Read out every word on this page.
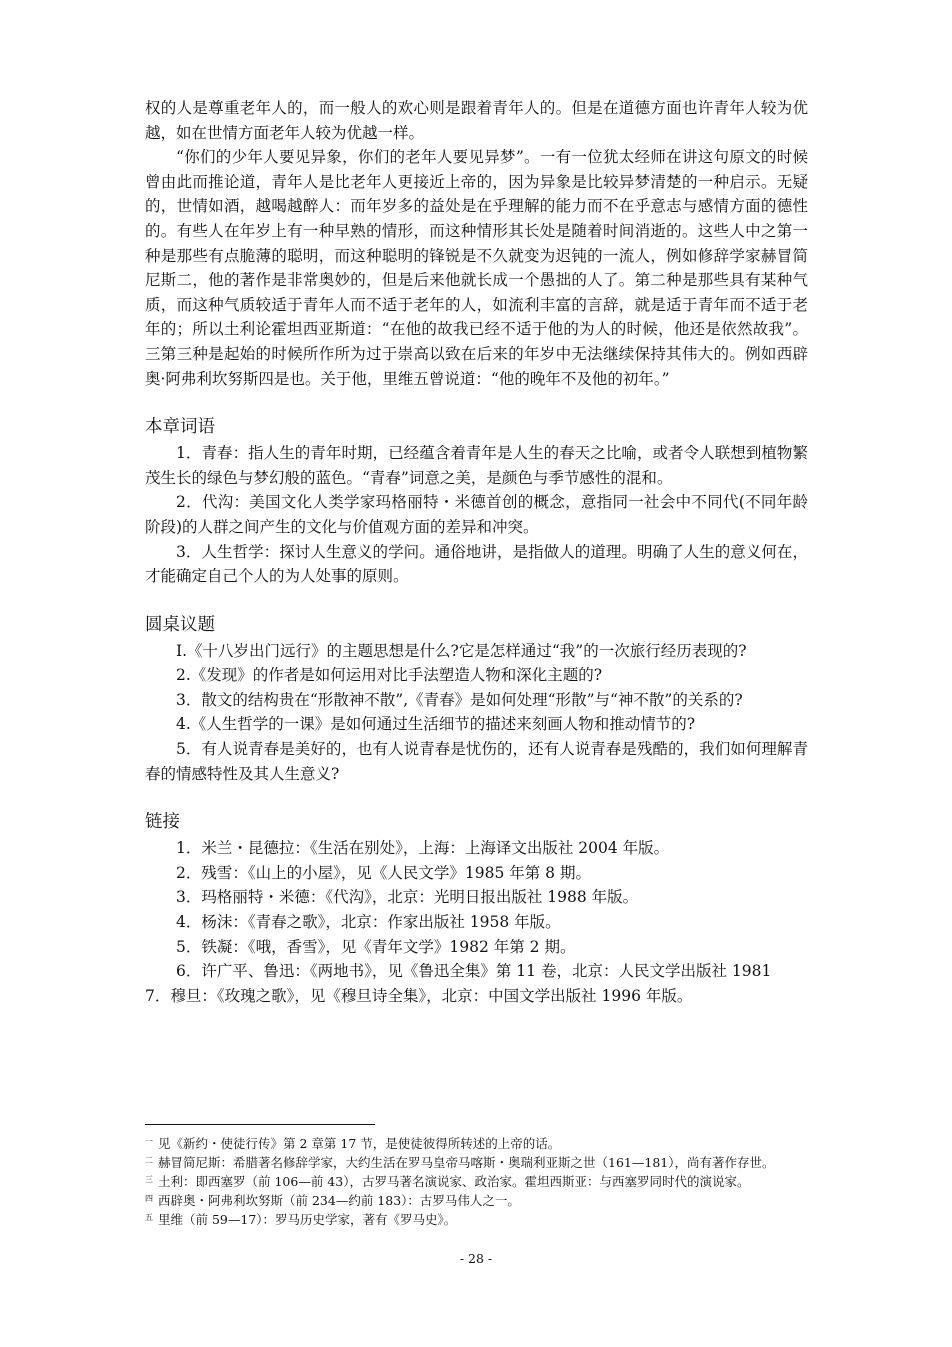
权的人是尊重老年人的，而一般人的欢心则是跟着青年人的。但是在道德方面也许青年人较为优越，如在世情方面老年人较为优越一样。

“你们的少年人要见异象，你们的老年人要见异梦”。一有一位犹太经师在讲这句原文的时候曾由此而推论道，青年人是比老年人更接近上帝的，因为异象是比较异梦清楚的一种启示。无疑的，世情如酒，越喝越醉人：而年岁多的益处是在乎理解的能力而不在乎意志与感情方面的德性的。有些人在年岁上有一种早熟的情形，而这种情形其长处是随着时间消逝的。这些人中之第一种是那些有点脆薄的聪明，而这种聪明的锋锐是不久就变为迟钝的一流人，例如修辞学家赫冒简尼斯二，他的著作是非常奥妙的，但是后来他就长成一个愚拙的人了。第二种是那些具有某种气质，而这种气质较适于青年人而不适于老年的人，如流利丰富的言辞，就是适于青年而不适于老年的；所以土利论霍坦西亚斯道：“在他的故我已经不适于他的为人的时候，他还是依然故我”。三第三种是起始的时候所作所为过于崇高以致在后来的年岁中无法继续保持其伟大的。例如西辟奥·阿弗利坎努斯四是也。关于他，里维五曾说道：“他的晚年不及他的初年。”

本章词语

1．青春：指人生的青年时期，已经蕴含着青年是人生的春天之比喻，或者令人联想到植物繁茂生长的绿色与梦幻般的蓝色。“青春”词意之美，是颜色与季节感性的混和。

2．代沟：美国文化人类学家玛格丽特・米德首创的概念，意指同一社会中不同代(不同年龄阶段)的人群之间产生的文化与价值观方面的差异和冲突。

3．人生哲学：探讨人生意义的学问。通俗地讲，是指做人的道理。明确了人生的意义何在，才能确定自己个人的为人处事的原则。

圆桌议题

I.《十八岁出门远行》的主题思想是什么?它是怎样通过“我”的一次旅行经历表现的?

2.《发现》的作者是如何运用对比手法塑造人物和深化主题的?

3．散文的结构贵在“形散神不散”,《青春》是如何处理“形散”与“神不散”的关系的?

4.《人生哲学的一课》是如何通过生活细节的描述来刻画人物和推动情节的?

5．有人说青春是美好的，也有人说青春是忧伤的，还有人说青春是残酷的，我们如何理解青春的情感特性及其人生意义?

链接

1．米兰・昆德拉：《生活在别处》，上海：上海译文出版社 2004 年版。

2．残雪：《山上的小屋》，见《人民文学》1985 年第 8 期。

3．玛格丽特・米德：《代沟》，北京：光明日报出版社 1988 年版。

4．杨沫：《青春之歌》，北京：作家出版社 1958 年版。

5．铁凝：《哦，香雪》，见《青年文学》1982 年第 2 期。

6．许广平、鲁迅：《两地书》，见《鲁迅全集》第 11 卷，北京：人民文学出版社 1981

7．穆旦：《玫瑰之歌》，见《穆旦诗全集》，北京：中国文学出版社 1996 年版。

$^一$ 见《新约・使徒行传》第 2 章第 17 节，是使徒彼得所转述的上帝的话。

$^二$ 赫冒简尼斯：希腊著名修辞学家，大约生活在罗马皇帝马喀斯・奥瑞利亚斯之世（161—181），尚有著作存世。

$^三$ 土利：即西塞罗（前 106—前 43），古罗马著名演说家、政治家。霍坦西斯亚：与西塞罗同时代的演说家。

$^四$ 西辟奥・阿弗利坎努斯（前 234—约前 183）：古罗马伟人之一。

$^五$ 里维（前 59—17）：罗马历史学家，著有《罗马史》。

- 28 -
